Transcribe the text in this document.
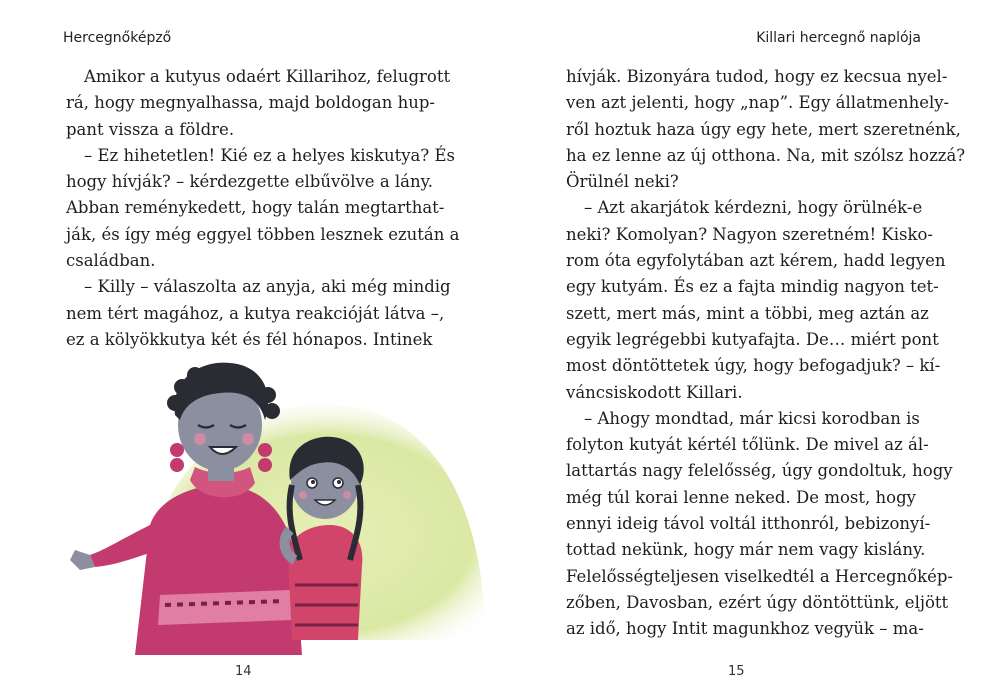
Hercegnőképző
Amikor a kutyus odaért Killarihoz, felugrott
rá, hogy megnyalhassa, majd boldogan hup-
pant vissza a földre.
– Ez hihetetlen! Kié ez a helyes kiskutya? És
hogy hívják? – kérdezgette elbűvölve a lány.
Abban reménykedett, hogy talán megtarthat-
ják, és így még eggyel többen lesznek ezután a
családban.
– Killy – válaszolta az anyja, aki még mindig
nem tért magához, a kutya reakcióját látva –,
ez a kölyökkutya két és fél hónapos. Intinek
14
Killari hercegnő naplója
hívják. Bizonyára tudod, hogy ez kecsua nyel-
ven azt jelenti, hogy „nap”. Egy állatmenhely-
ről hoztuk haza úgy egy hete, mert szeretnénk,
ha ez lenne az új otthona. Na, mit szólsz hozzá?
Örülnél neki?
– Azt akarjátok kérdezni, hogy örülnék-e
neki? Komolyan? Nagyon szeretném! Kisko-
rom óta egyfolytában azt kérem, hadd legyen
egy kutyám. És ez a fajta mindig nagyon tet-
szett, mert más, mint a többi, meg aztán az
egyik legrégebbi kutyafajta. De… miért pont
most döntöttetek úgy, hogy befogadjuk? – kí-
váncsiskodott Killari.
– Ahogy mondtad, már kicsi korodban is
folyton kutyát kértél tőlünk. De mivel az ál-
lattartás nagy felelősség, úgy gondoltuk, hogy
még túl korai lenne neked. De most, hogy
ennyi ideig távol voltál itthonról, bebizonyí-
tottad nekünk, hogy már nem vagy kislány.
Felelősségteljesen viselkedtél a Hercegnőkép-
zőben, Davosban, ezért úgy döntöttünk, eljött
az idő, hogy Intit magunkhoz vegyük – ma-
15
